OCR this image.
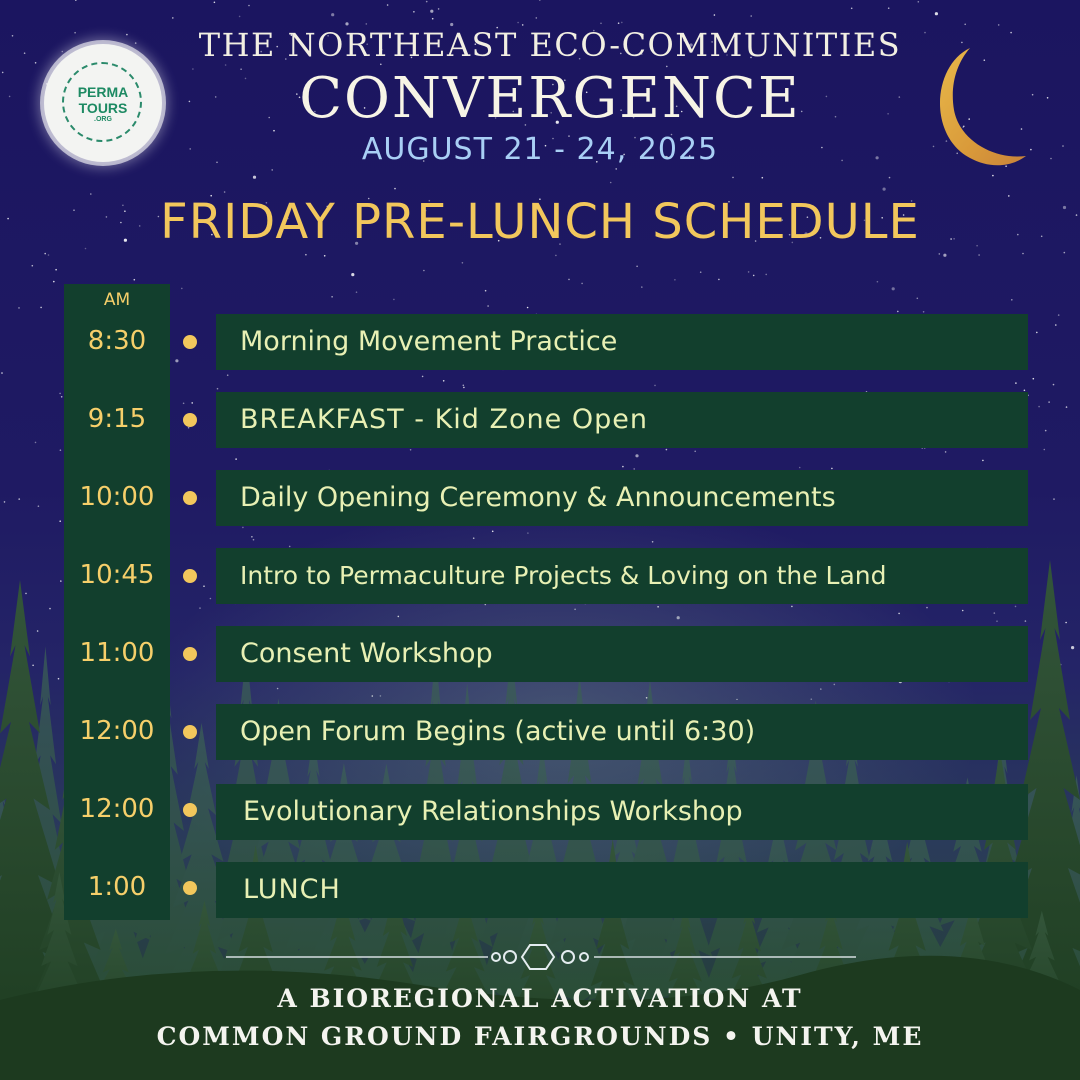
PERMA
TOURS
.ORG
THE NORTHEAST ECO-COMMUNITIES
CONVERGENCE
AUGUST 21 - 24, 2025
FRIDAY PRE-LUNCH SCHEDULE
AM
8:30
9:15
10:00
10:45
11:00
12:00
12:00
1:00
Morning Movement Practice
BREAKFAST - Kid Zone Open
Daily Opening Ceremony & Announcements
Intro to Permaculture Projects & Loving on the Land
Consent Workshop
Open Forum Begins (active until 6:30)
Evolutionary Relationships Workshop
LUNCH
A BIOREGIONAL ACTIVATION AT
COMMON GROUND FAIRGROUNDS • UNITY, ME
